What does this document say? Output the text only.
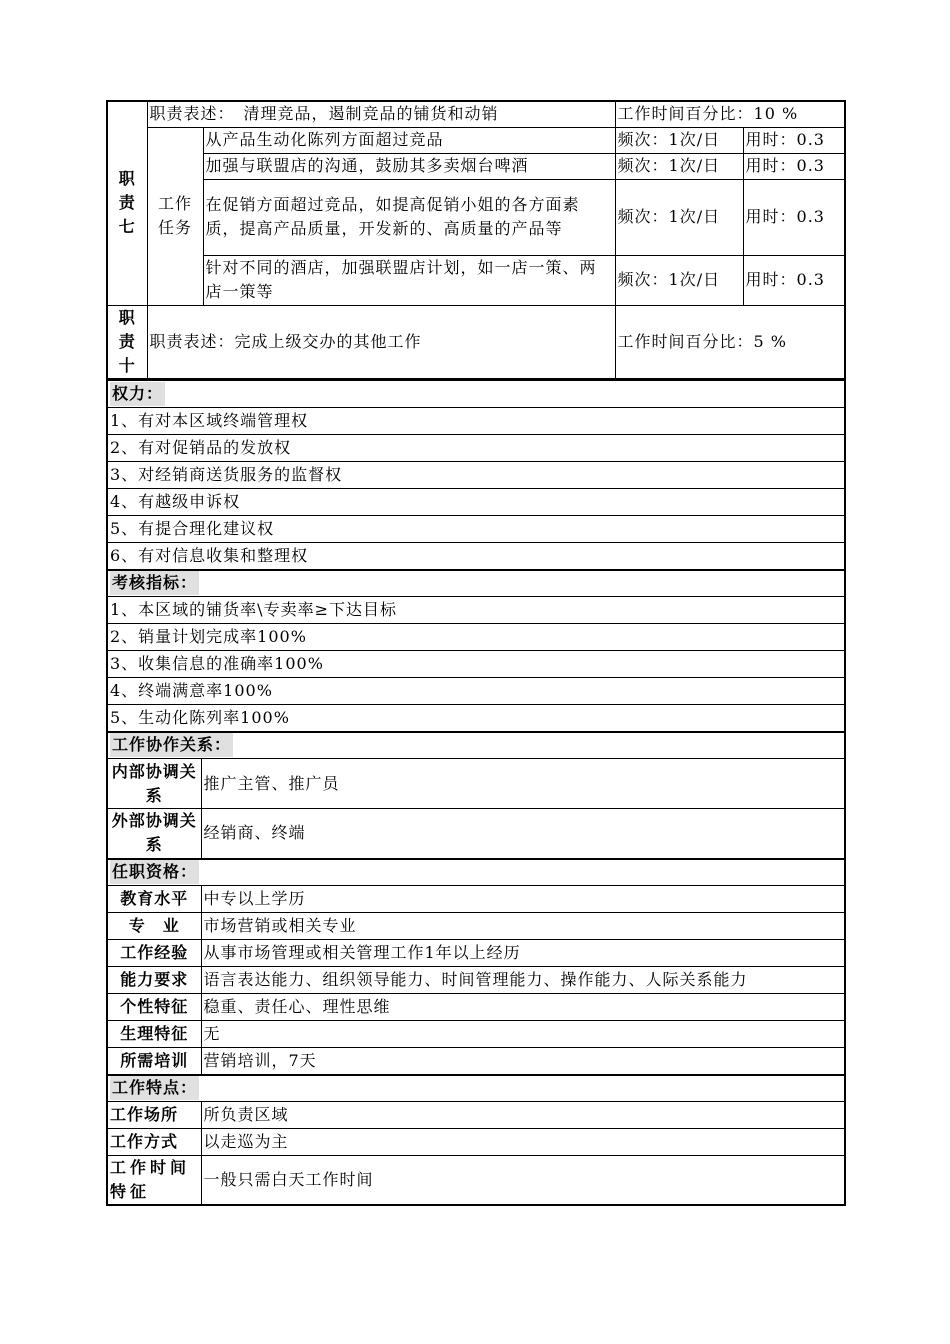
职责七	职责表述：　清理竞品，遏制竞品的铺货和动销		工作时间百分比：10 %	
	工作任务	从产品生动化陈列方面超过竞品	频次：1次/日	用时：0.3
		加强与联盟店的沟通，鼓励其多卖烟台啤酒	频次：1次/日	用时：0.3
		在促销方面超过竞品，如提高促销小姐的各方面素质，提高产品质量，开发新的、高质量的产品等	频次：1次/日	用时：0.3
		针对不同的酒店，加强联盟店计划，如一店一策、两店一策等	频次：1次/日	用时：0.3
职责十	职责表述：完成上级交办的其他工作		工作时间百分比：5 %	
权力：	
1、有对本区域终端管理权	
2、有对促销品的发放权	
3、对经销商送货服务的监督权	
4、有越级申诉权	
5、有提合理化建议权	
6、有对信息收集和整理权	
考核指标：	
1、本区域的铺货率\专卖率≥下达目标	
2、销量计划完成率100%	
3、收集信息的准确率100%	
4、终端满意率100%	
5、生动化陈列率100%	
工作协作关系：	
内部协调关系	推广主管、推广员
外部协调关系	经销商、终端
任职资格：	
教育水平	中专以上学历
专　业	市场营销或相关专业
工作经验	从事市场管理或相关管理工作1年以上经历
能力要求	语言表达能力、组织领导能力、时间管理能力、操作能力、人际关系能力
个性特征	稳重、责任心、理性思维
生理特征	无
所需培训	营销培训，7天
工作特点：	
工作场所	所负责区域
工作方式	以走巡为主
工作时间特征	一般只需白天工作时间
